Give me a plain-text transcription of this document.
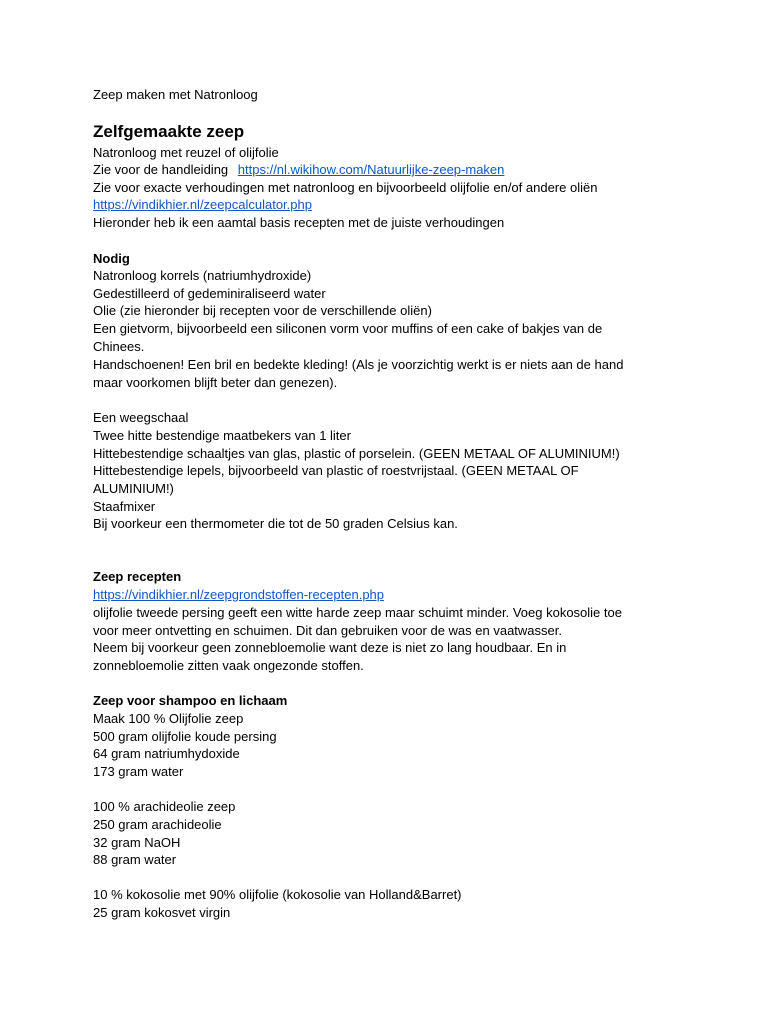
Zeep maken met Natronloog
Zelfgemaakte zeep
Natronloog met reuzel of olijfolie
Zie voor de handleiding https://nl.wikihow.com/Natuurlijke-zeep-maken
Zie voor exacte verhoudingen met natronloog en bijvoorbeeld olijfolie en/of andere oliën
https://vindikhier.nl/zeepcalculator.php
Hieronder heb ik een aamtal basis recepten met de juiste verhoudingen
Nodig
Natronloog korrels (natriumhydroxide)
Gedestilleerd of gedeminiraliseerd water
Olie (zie hieronder bij recepten voor de verschillende oliën)
Een gietvorm, bijvoorbeeld een siliconen vorm voor muffins of een cake of bakjes van de
Chinees.
Handschoenen! Een bril en bedekte kleding! (Als je voorzichtig werkt is er niets aan de hand
maar voorkomen blijft beter dan genezen).
Een weegschaal
Twee hitte bestendige maatbekers van 1 liter
Hittebestendige schaaltjes van glas, plastic of porselein. (GEEN METAAL OF ALUMINIUM!)
Hittebestendige lepels, bijvoorbeeld van plastic of roestvrijstaal. (GEEN METAAL OF
ALUMINIUM!)
Staafmixer
Bij voorkeur een thermometer die tot de 50 graden Celsius kan.
Zeep recepten
https://vindikhier.nl/zeepgrondstoffen-recepten.php
olijfolie tweede persing geeft een witte harde zeep maar schuimt minder. Voeg kokosolie toe
voor meer ontvetting en schuimen. Dit dan gebruiken voor de was en vaatwasser.
Neem bij voorkeur geen zonnebloemolie want deze is niet zo lang houdbaar. En in
zonnebloemolie zitten vaak ongezonde stoffen.
Zeep voor shampoo en lichaam
Maak 100 % Olijfolie zeep
500 gram olijfolie koude persing
64 gram natriumhydoxide
173 gram water
100 % arachideolie zeep
250 gram arachideolie
32 gram NaOH
88 gram water
10 % kokosolie met 90% olijfolie (kokosolie van Holland&Barret)
25 gram kokosvet virgin
